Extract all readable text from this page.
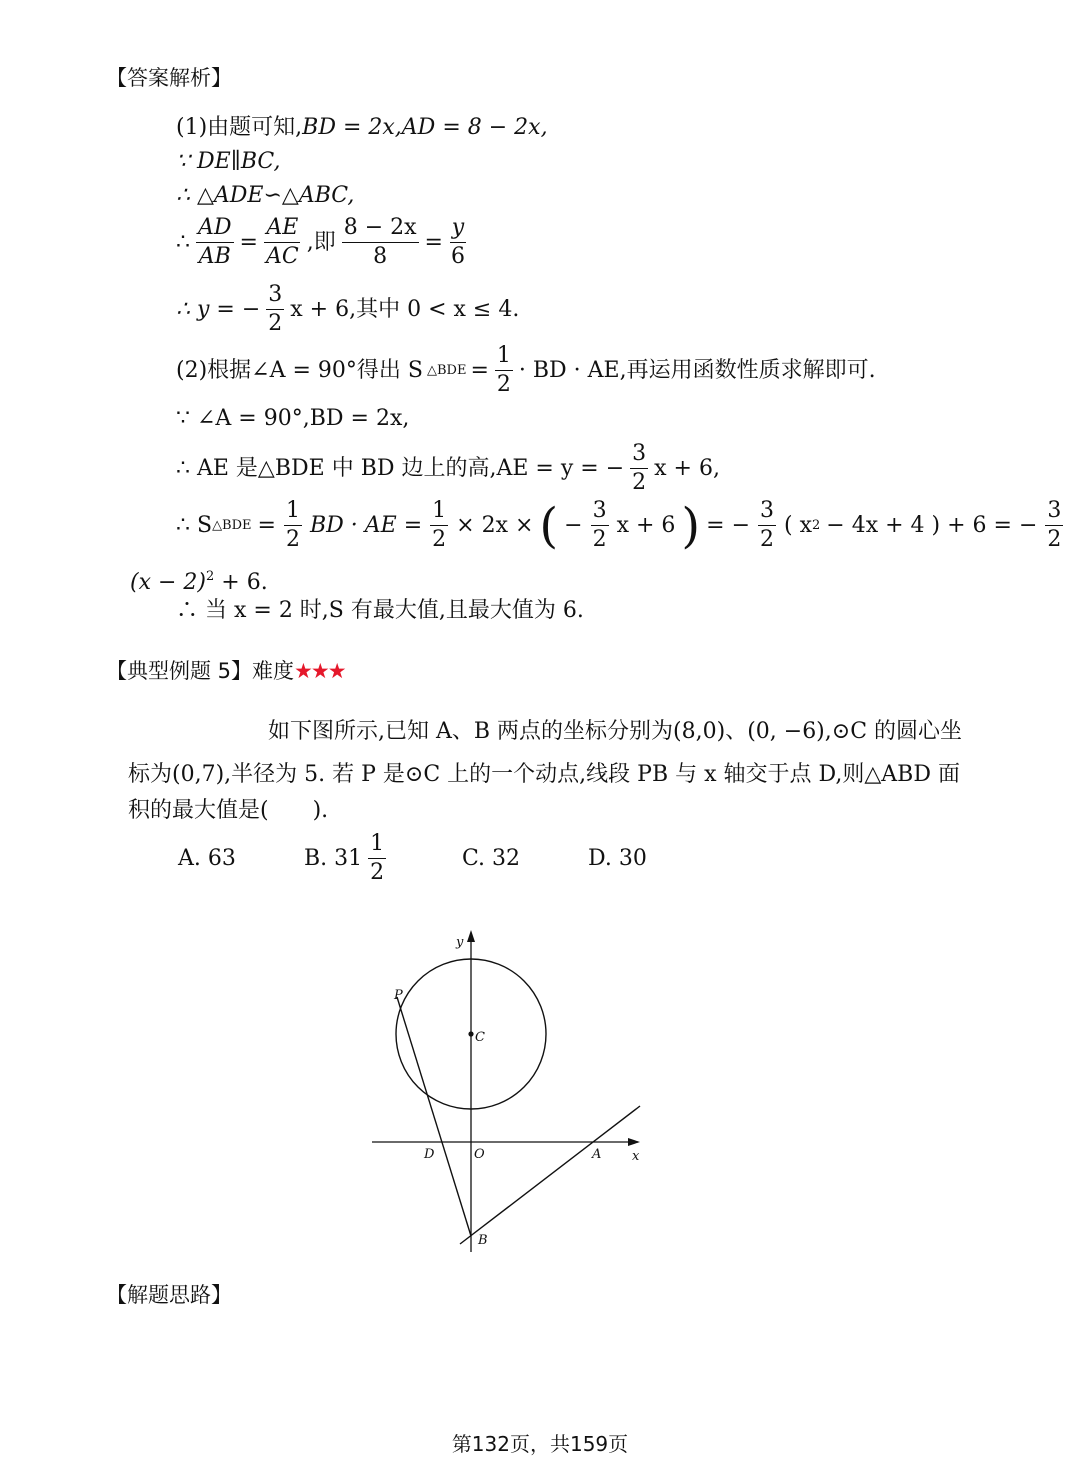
【答案解析】
(1)由题可知,BD = 2x,AD = 8 − 2x,
∵ DE∥BC,
∴ △ADE∽△ABC,
∴ $\frac{AD}{AB} = \frac{AE}{AC}$ ,即 $\frac{8 - 2x}{8} = \frac{y}{6}$
∴ y = − $\frac{3}{2}$ x + 6,其中 0 < x ≤ 4.
(2)根据∠A = 90°得出 S △BDE = $\frac{1}{2}$ · BD · AE,再运用函数性质求解即可.
∵ ∠A = 90°,BD = 2x,
∴ AE 是△BDE 中 BD 边上的高,AE = y = − $\frac{3}{2}$ x + 6,
∴ S △BDE = $\frac{1}{2}$ BD · AE = $\frac{1}{2} \times 2x$ × ( − $\frac{3}{2}$ x + 6 ) = − $\frac{3}{2}$ ( x 2 − 4x + 4 ) + 6 = − $\frac{3}{2}$
$(x - 2)^2 + 6$.
∴ 当 x = 2 时,S 有最大值,且最大值为 6.
【典型例题 5】难度★★★
如下图所示,已知 A、B 两点的坐标分别为(8,0)、(0, −6),⊙C 的圆心坐
标为(0,7),半径为 5. 若 P 是⊙C 上的一个动点,线段 PB 与 x 轴交于点 D,则△ABD 面
积的最大值是(　　).
A. 63	B. $31 \frac{1}{2}$	C. 32	D. 30
y
x
P
C
D	O	A
B
【解题思路】
第132页，共159页
